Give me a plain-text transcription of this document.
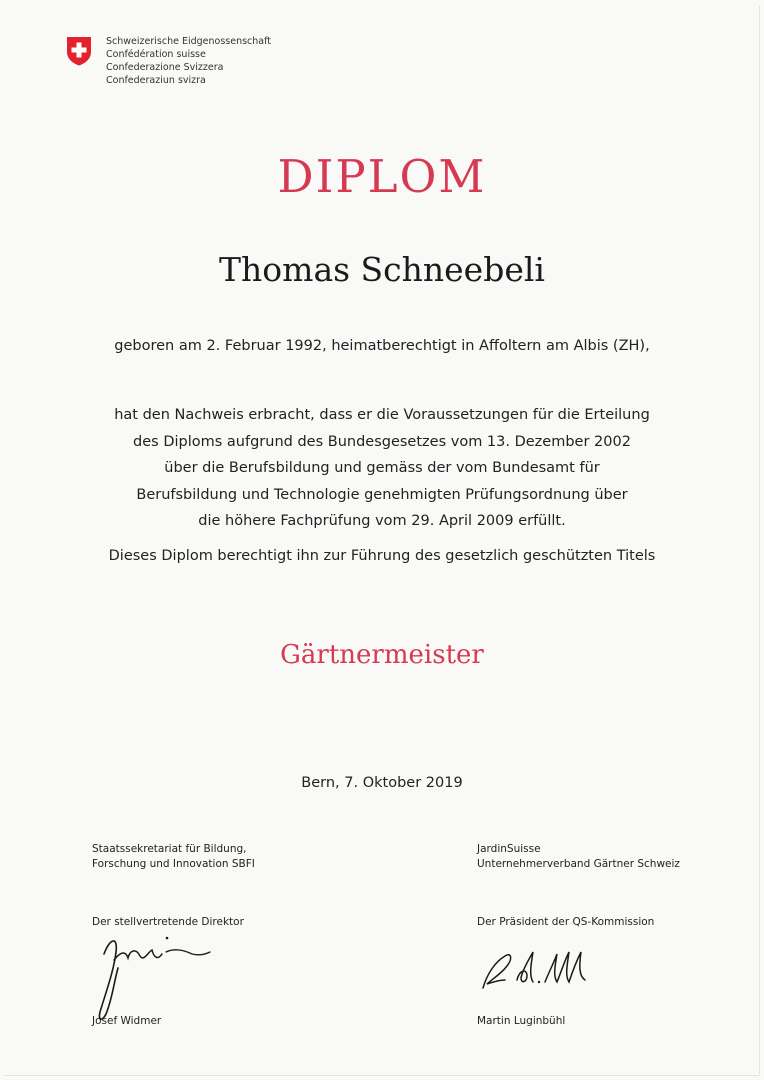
Schweizerische Eidgenossenschaft
Confédération suisse
Confederazione Svizzera
Confederaziun svizra
DIPLOM
Thomas Schneebeli
geboren am 2. Februar 1992, heimatberechtigt in Affoltern am Albis (ZH),
hat den Nachweis erbracht, dass er die Voraussetzungen für die Erteilung
des Diploms aufgrund des Bundesgesetzes vom 13. Dezember 2002
über die Berufsbildung und gemäss der vom Bundesamt für
Berufsbildung und Technologie genehmigten Prüfungsordnung über
die höhere Fachprüfung vom 29. April 2009 erfüllt.
Dieses Diplom berechtigt ihn zur Führung des gesetzlich geschützten Titels
Gärtnermeister
Bern, 7. Oktober 2019
Staatssekretariat für Bildung,
Forschung und Innovation SBFI
Der stellvertretende Direktor
Josef Widmer
JardinSuisse
Unternehmerverband Gärtner Schweiz
Der Präsident der QS-Kommission
Martin Luginbühl
